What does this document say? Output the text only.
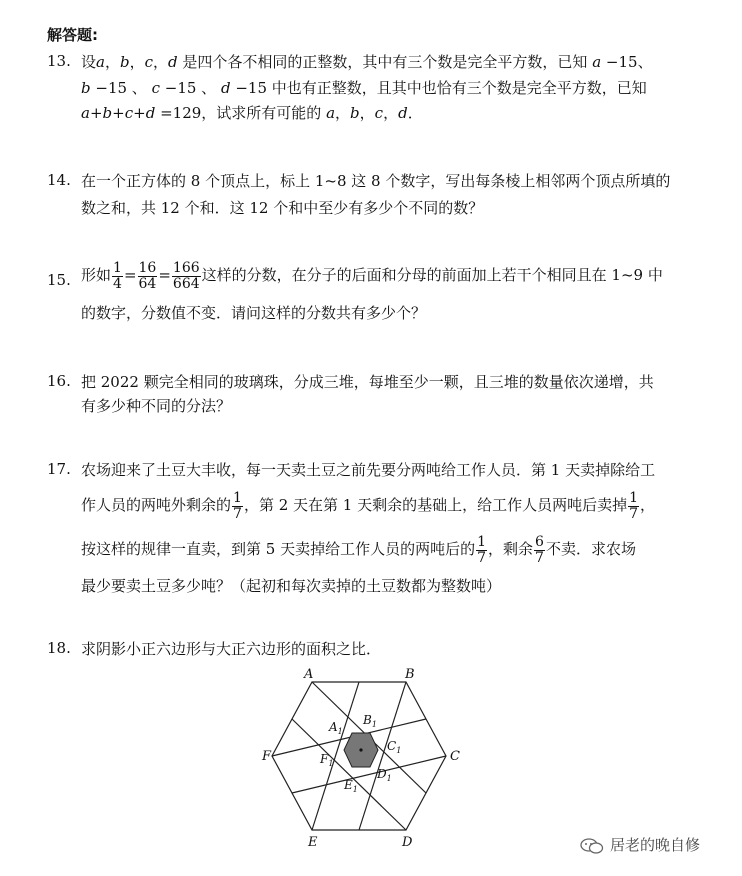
解答题:
13. 设a，b，c，d 是四个各不相同的正整数，其中有三个数是完全平方数，已知 a −15、
b −15 、 c −15 、 d −15 中也有正整数，且其中也恰有三个数是完全平方数，已知
a+b+c+d =129，试求所有可能的 a，b，c，d．
14. 在一个正方体的 8 个顶点上，标上 1~8 这 8 个数字，写出每条棱上相邻两个顶点所填的
数之和，共 12 个和．这 12 个和中至少有多少个不同的数？
15. 形如 $\frac{1}{4} = \frac{16}{64} = \frac{166}{664}$ 这样的分数，在分子的后面和分母的前面加上若干个相同且在 1~9 中
的数字，分数值不变．请问这样的分数共有多少个？
16. 把 2022 颗完全相同的玻璃珠，分成三堆，每堆至少一颗，且三堆的数量依次递增，共
有多少种不同的分法？
17. 农场迎来了土豆大丰收，每一天卖土豆之前先要分两吨给工作人员．第 1 天卖掉除给工
作人员的两吨外剩余的 $\frac{1}{7}$ ，第 2 天在第 1 天剩余的基础上，给工作人员两吨后卖掉 $\frac{1}{7}$ ，
按这样的规律一直卖，到第 5 天卖掉给工作人员的两吨后的 $\frac{1}{7}$ ，剩余 $\frac{6}{7}$ 不卖．求农场
最少要卖土豆多少吨？（起初和每次卖掉的土豆数都为整数吨）
18. 求阴影小正六边形与大正六边形的面积之比．
A	B
C
D
E
F
$A_1$
$B_1$
$C_1$
$D_1$
$E_1$
$F_1$
居老的晚自修
